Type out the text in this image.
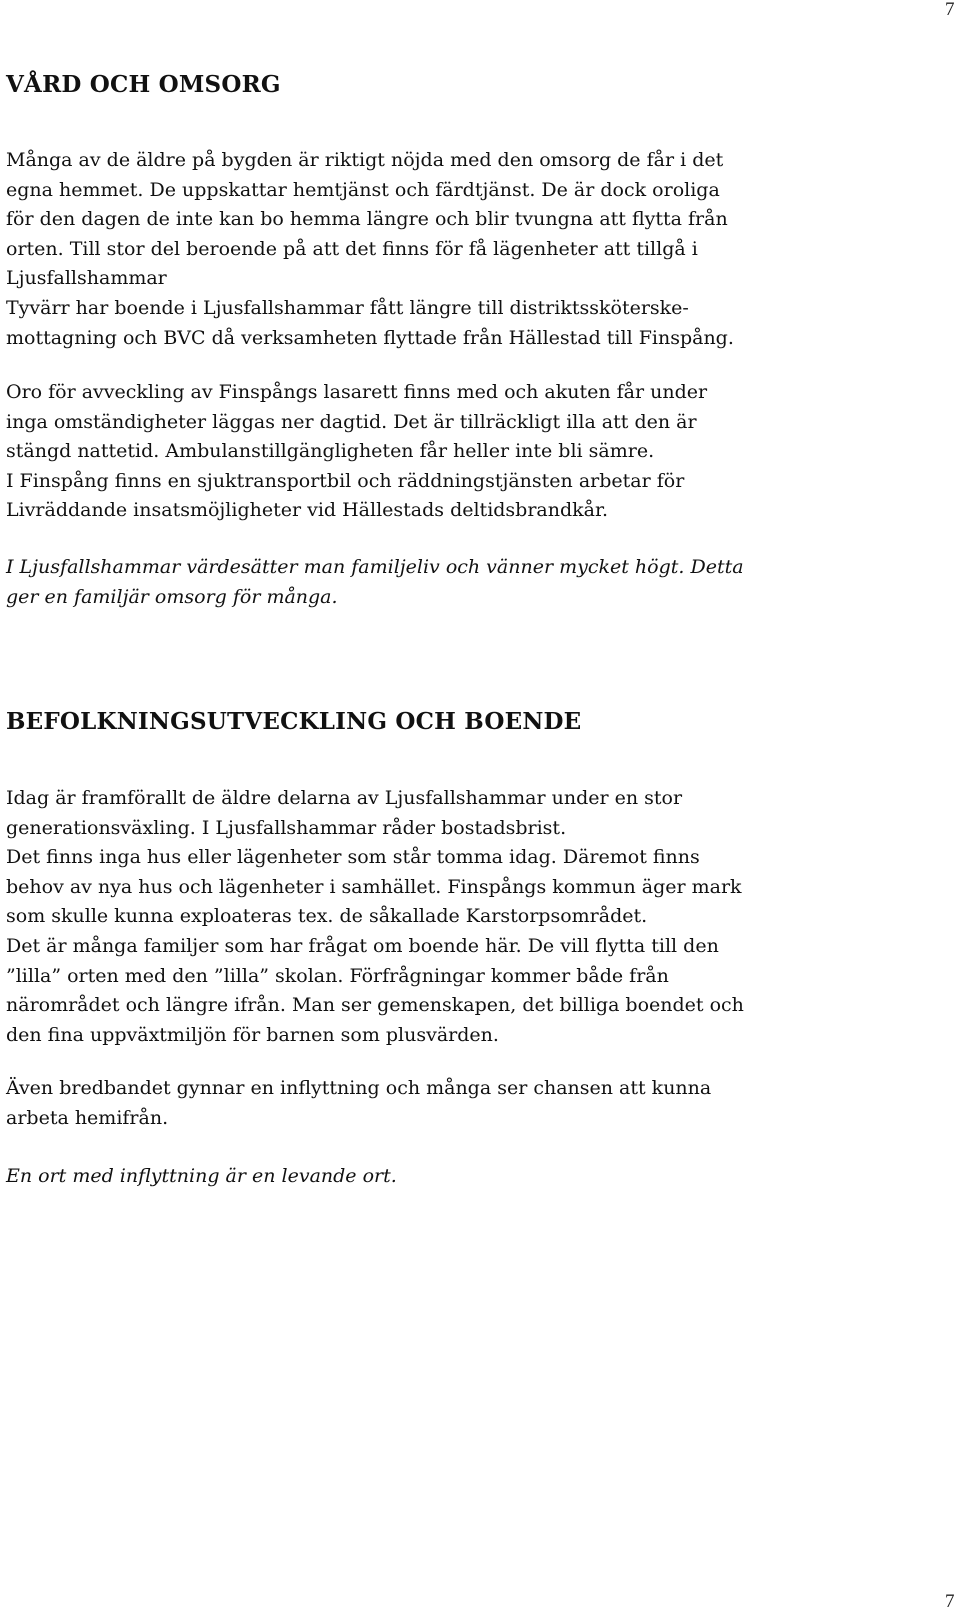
7
VÅRD OCH OMSORG
Många av de äldre på bygden är riktigt nöjda med den omsorg de får i det
egna hemmet. De uppskattar hemtjänst och färdtjänst. De är dock oroliga
för den dagen de inte kan bo hemma längre och blir tvungna att flytta från
orten. Till stor del beroende på att det finns för få lägenheter att tillgå i
Ljusfallshammar
Tyvärr har boende i Ljusfallshammar fått längre till distriktssköterske-
mottagning och BVC då verksamheten flyttade från Hällestad till Finspång.
Oro för avveckling av Finspångs lasarett finns med och akuten får under
inga omständigheter läggas ner dagtid. Det är tillräckligt illa att den är
stängd nattetid. Ambulanstillgängligheten får heller inte bli sämre.
I Finspång finns en sjuktransportbil och räddningstjänsten arbetar för
Livräddande insatsmöjligheter vid Hällestads deltidsbrandkår.
I Ljusfallshammar värdesätter man familjeliv och vänner mycket högt. Detta
ger en familjär omsorg för många.
BEFOLKNINGSUTVECKLING OCH BOENDE
Idag är framförallt de äldre delarna av Ljusfallshammar under en stor
generationsväxling. I Ljusfallshammar råder bostadsbrist.
Det finns inga hus eller lägenheter som står tomma idag. Däremot finns
behov av nya hus och lägenheter i samhället. Finspångs kommun äger mark
som skulle kunna exploateras tex. de såkallade Karstorpsområdet.
Det är många familjer som har frågat om boende här. De vill flytta till den
”lilla” orten med den ”lilla” skolan. Förfrågningar kommer både från
närområdet och längre ifrån. Man ser gemenskapen, det billiga boendet och
den fina uppväxtmiljön för barnen som plusvärden.
Även bredbandet gynnar en inflyttning och många ser chansen att kunna
arbeta hemifrån.
En ort med inflyttning är en levande ort.
7
